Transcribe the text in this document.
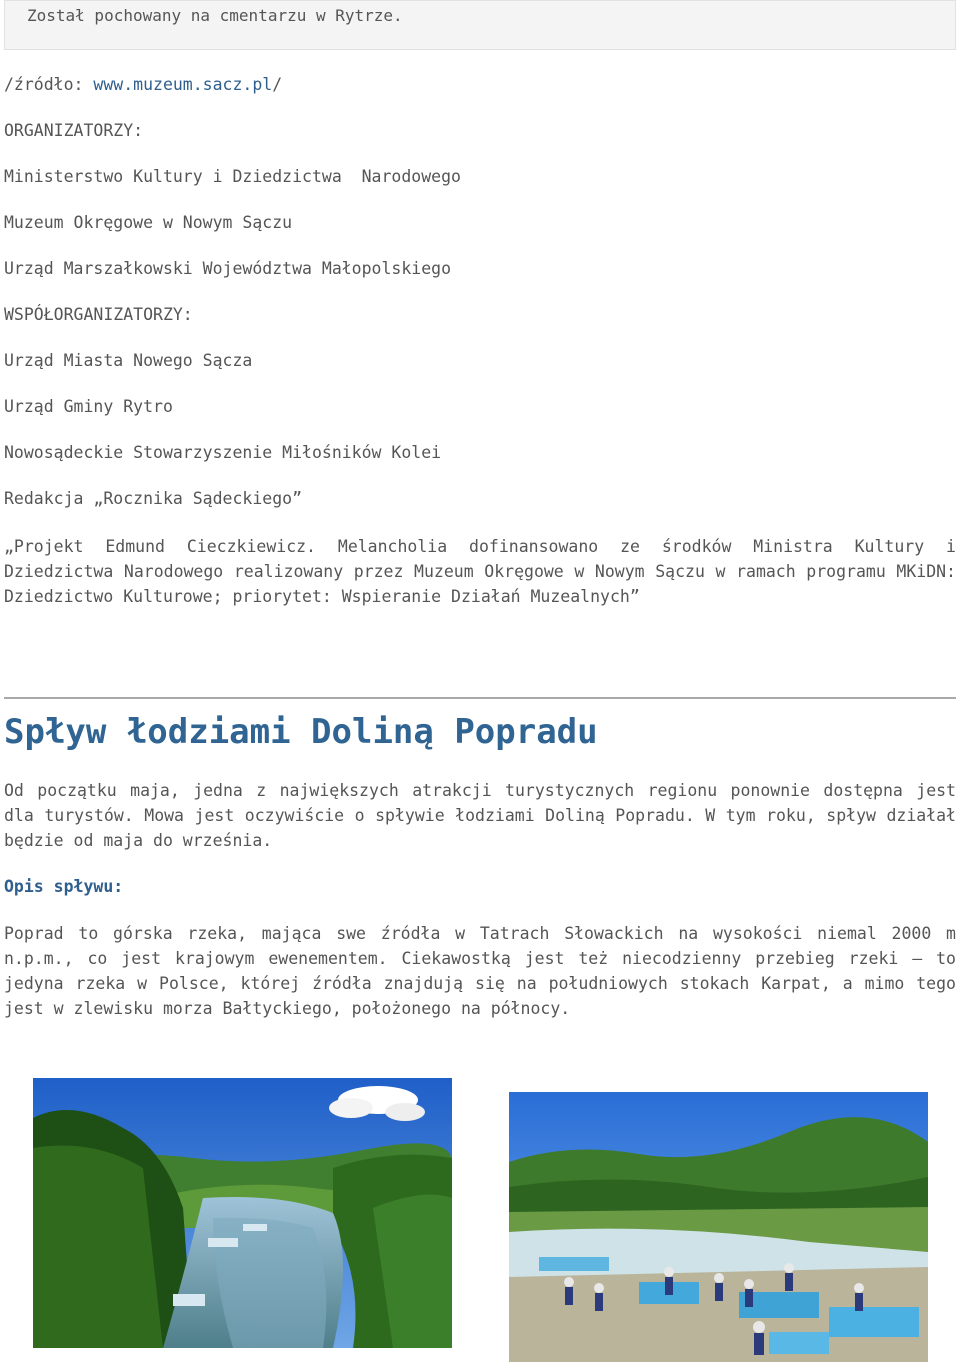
Został pochowany na cmentarzu w Rytrze.
/źródło: www.muzeum.sacz.pl/
ORGANIZATORZY:
Ministerstwo Kultury i Dziedzictwa  Narodowego
Muzeum Okręgowe w Nowym Sączu
Urząd Marszałkowski Województwa Małopolskiego
WSPÓŁORGANIZATORZY:
Urząd Miasta Nowego Sącza
Urząd Gminy Rytro
Nowosądeckie Stowarzyszenie Miłośników Kolei
Redakcja „Rocznika Sądeckiego”
„Projekt Edmund Cieczkiewicz. Melancholia dofinansowano ze środków Ministra Kultury i Dziedzictwa Narodowego realizowany przez Muzeum Okręgowe w Nowym Sączu w ramach programu MKiDN: Dziedzictwo Kulturowe; priorytet: Wspieranie Działań Muzealnych”
Spływ łodziami Doliną Popradu
Od początku maja, jedna z największych atrakcji turystycznych regionu ponownie dostępna jest dla turystów. Mowa jest oczywiście o spływie łodziami Doliną Popradu. W tym roku, spływ działał będzie od maja do września.
Opis spływu:
Poprad to górska rzeka, mająca swe źródła w Tatrach Słowackich na wysokości niemal 2000 m n.p.m., co jest krajowym ewenementem. Ciekawostką jest też niecodzienny przebieg rzeki – to jedyna rzeka w Polsce, której źródła znajdują się na południowych stokach Karpat, a mimo tego jest w zlewisku morza Bałtyckiego, położonego na północy.
